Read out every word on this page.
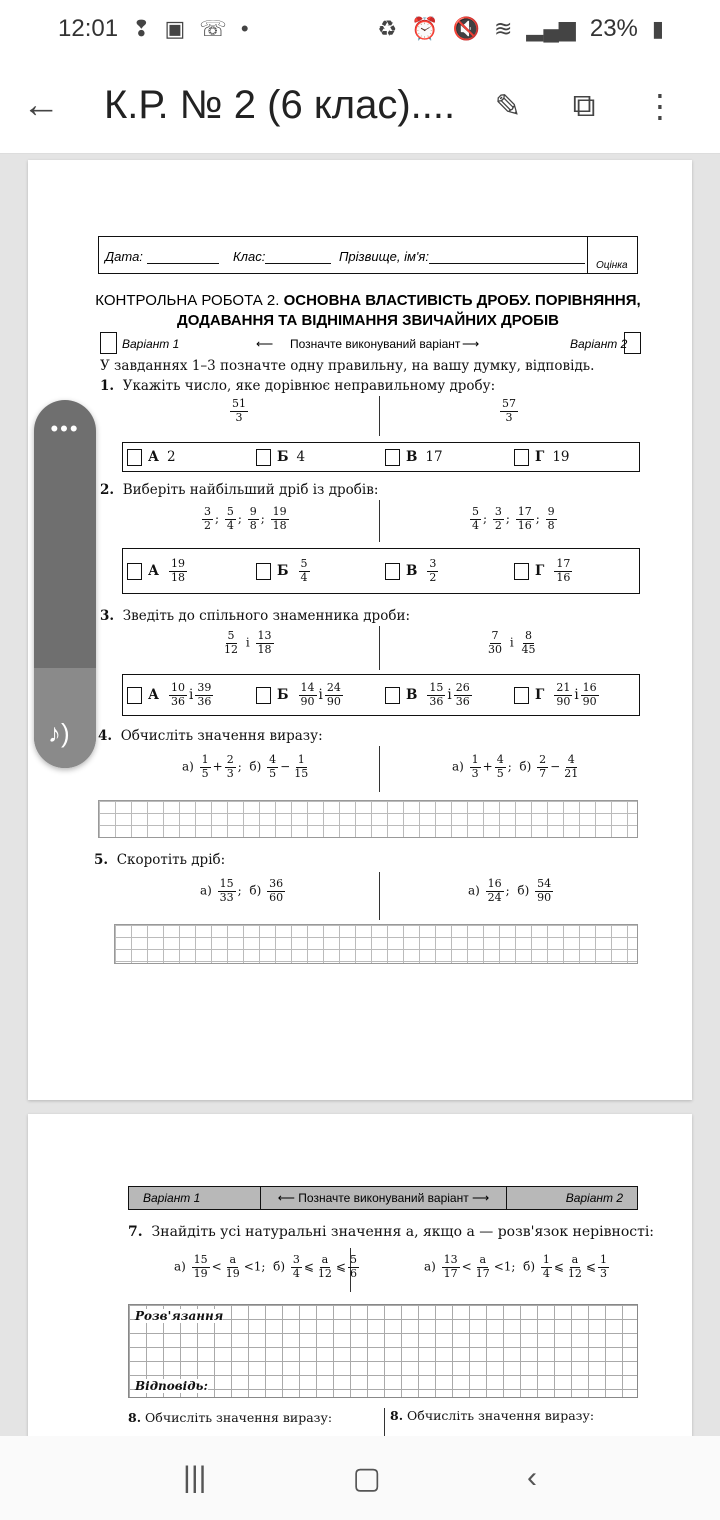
12:01 ❢ ▣ ☏ •	♻ ⏰ 🔇 ≋ ▂▄▆ 23% ▮
←	К.Р. № 2 (6 клас)....	✎	⧉	⋮
Дата:	Клас:	Прізвище, ім'я:
Оцінка
КОНТРОЛЬНА РОБОТА 2. ОСНОВНА ВЛАСТИВІСТЬ ДРОБУ. ПОРІВНЯННЯ,
ДОДАВАННЯ ТА ВІДНІМАННЯ ЗВИЧАЙНИХ ДРОБІВ
Варіант 1	⟵ Позначте виконуваний варіант ⟶	Варіант 2
У завданнях 1–3 позначте одну правильну, на вашу думку, відповідь.
1. Укажіть число, яке дорівнює неправильному дробу:
$\frac{51}{3}$	$\frac{57}{3}$
А 2	Б 4	В 17	Г 19
2. Виберіть найбільший дріб із дробів:
$\frac{3}{2}$ ; $\frac{5}{4}$ ; $\frac{9}{8}$ ; $\frac{19}{18}$	$\frac{5}{4}$ ; $\frac{3}{2}$ ; $\frac{17}{16}$ ; $\frac{9}{8}$
А $\frac{19}{18}$	Б $\frac{5}{4}$	В $\frac{3}{2}$	Г $\frac{17}{16}$
3. Зведіть до спільного знаменника дроби:
$\frac{5}{12}$ і $\frac{13}{18}$	$\frac{7}{30}$ і $\frac{8}{45}$
А $\frac{10}{36}$ і $\frac{39}{36}$	Б $\frac{14}{90}$ і $\frac{24}{90}$	В $\frac{15}{36}$ і $\frac{26}{36}$	Г $\frac{21}{90}$ і $\frac{16}{90}$
4. Обчисліть значення виразу:
$а) \frac{1}{5} + \frac{2}{3}$ ;  $б) \frac{4}{5} - \frac{1}{15}$	$а) \frac{1}{3} + \frac{4}{5}$ ;  $б) \frac{2}{7} - \frac{4}{21}$
5. Скоротіть дріб:
$а) \frac{15}{33}$ ;  $б) \frac{36}{60}$	$а) \frac{16}{24}$ ;  $б) \frac{54}{90}$
Варіант 1	⟵ Позначте виконуваний варіант ⟶	Варіант 2
7. Знайдіть усі натуральні значення a, якщо a — розв'язок нерівності:
$а) \frac{15}{19} < \frac{a}{19} <1$;  $б) \frac{3}{4}$ ⩽ $\frac{a}{12}$ ⩽ $\frac{5}{6}$	$а) \frac{13}{17} < \frac{a}{17} <1$;  $б) \frac{1}{4}$ ⩽ $\frac{a}{12}$ ⩽ $\frac{1}{3}$
Розв'язання
Відповідь:
8. Обчисліть значення виразу:	8. Обчисліть значення виразу:
•••
♪)
|||	▢	‹
